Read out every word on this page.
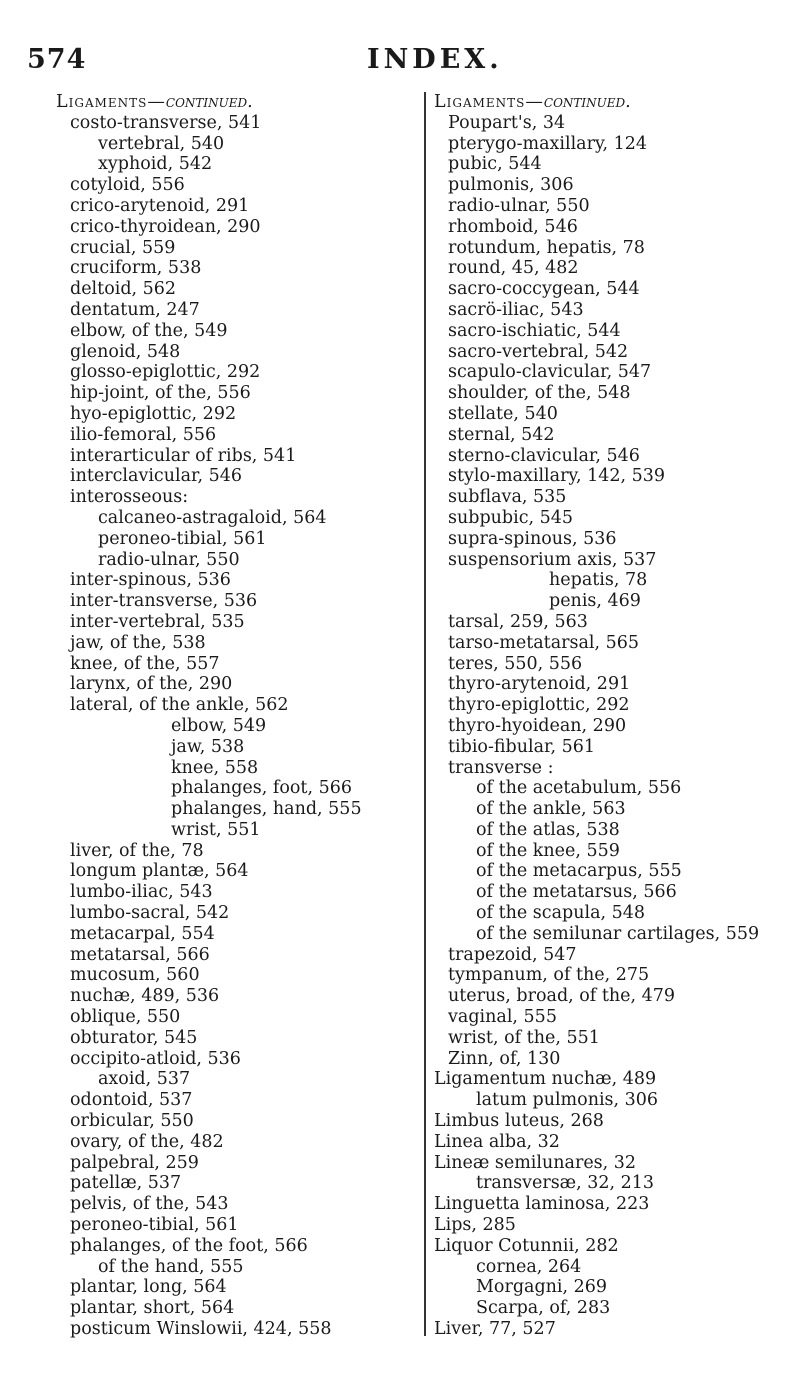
574	INDEX.
Ligaments—continued.
costo-transverse, 541
vertebral, 540
xyphoid, 542
cotyloid, 556
crico-arytenoid, 291
crico-thyroidean, 290
crucial, 559
cruciform, 538
deltoid, 562
dentatum, 247
elbow, of the, 549
glenoid, 548
glosso-epiglottic, 292
hip-joint, of the, 556
hyo-epiglottic, 292
ilio-femoral, 556
interarticular of ribs, 541
interclavicular, 546
interosseous:
calcaneo-astragaloid, 564
peroneo-tibial, 561
radio-ulnar, 550
inter-spinous, 536
inter-transverse, 536
inter-vertebral, 535
jaw, of the, 538
knee, of the, 557
larynx, of the, 290
lateral, of the ankle, 562
elbow, 549
jaw, 538
knee, 558
phalanges, foot, 566
phalanges, hand, 555
wrist, 551
liver, of the, 78
longum plantæ, 564
lumbo-iliac, 543
lumbo-sacral, 542
metacarpal, 554
metatarsal, 566
mucosum, 560
nuchæ, 489, 536
oblique, 550
obturator, 545
occipito-atloid, 536
axoid, 537
odontoid, 537
orbicular, 550
ovary, of the, 482
palpebral, 259
patellæ, 537
pelvis, of the, 543
peroneo-tibial, 561
phalanges, of the foot, 566
of the hand, 555
plantar, long, 564
plantar, short, 564
posticum Winslowii, 424, 558
Ligaments—continued.
Poupart's, 34
pterygo-maxillary, 124
pubic, 544
pulmonis, 306
radio-ulnar, 550
rhomboid, 546
rotundum, hepatis, 78
round, 45, 482
sacro-coccygean, 544
sacrö-iliac, 543
sacro-ischiatic, 544
sacro-vertebral, 542
scapulo-clavicular, 547
shoulder, of the, 548
stellate, 540
sternal, 542
sterno-clavicular, 546
stylo-maxillary, 142, 539
subflava, 535
subpubic, 545
supra-spinous, 536
suspensorium axis, 537
hepatis, 78
penis, 469
tarsal, 259, 563
tarso-metatarsal, 565
teres, 550, 556
thyro-arytenoid, 291
thyro-epiglottic, 292
thyro-hyoidean, 290
tibio-fibular, 561
transverse :
of the acetabulum, 556
of the ankle, 563
of the atlas, 538
of the knee, 559
of the metacarpus, 555
of the metatarsus, 566
of the scapula, 548
of the semilunar cartilages, 559
trapezoid, 547
tympanum, of the, 275
uterus, broad, of the, 479
vaginal, 555
wrist, of the, 551
Zinn, of, 130
Ligamentum nuchæ, 489
latum pulmonis, 306
Limbus luteus, 268
Linea alba, 32
Lineæ semilunares, 32
transversæ, 32, 213
Linguetta laminosa, 223
Lips, 285
Liquor Cotunnii, 282
cornea, 264
Morgagni, 269
Scarpa, of, 283
Liver, 77, 527
